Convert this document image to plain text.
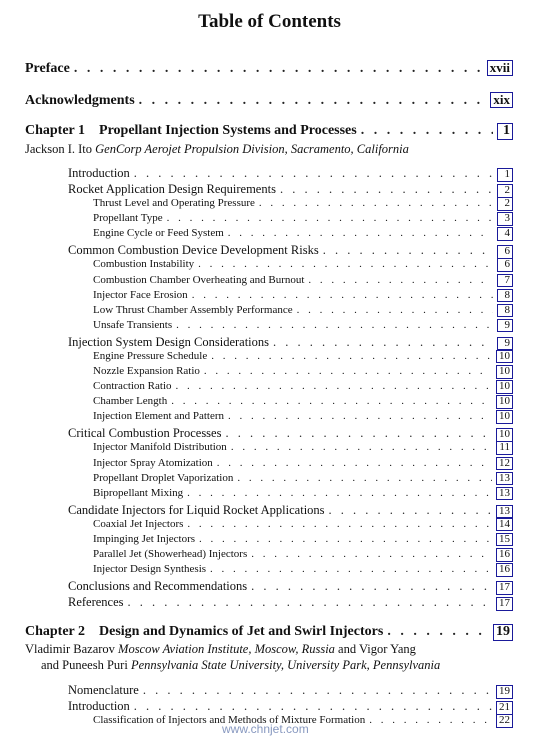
Table of Contents
Preface . . .	xvii
Acknowledgments . . .	xix
Chapter 1    Propellant Injection Systems and Processes . . .	1
Jackson I. Ito GenCorp Aerojet Propulsion Division, Sacramento, California
Introduction . . .	1
Rocket Application Design Requirements . . .	2
Thrust Level and Operating Pressure . . .	2
Propellant Type . . .	3
Engine Cycle or Feed System . . .	4
Common Combustion Device Development Risks . . .	6
Combustion Instability . . .	6
Combustion Chamber Overheating and Burnout . . .	7
Injector Face Erosion . . .	8
Low Thrust Chamber Assembly Performance . . .	8
Unsafe Transients . . .	9
Injection System Design Considerations . . .	9
Engine Pressure Schedule . . .	10
Nozzle Expansion Ratio . . .	10
Contraction Ratio . . .	10
Chamber Length . . .	10
Injection Element and Pattern . . .	10
Critical Combustion Processes . . .	10
Injector Manifold Distribution . . .	11
Injector Spray Atomization . . .	12
Propellant Droplet Vaporization . . .	13
Bipropellant Mixing . . .	13
Candidate Injectors for Liquid Rocket Applications . . .	13
Coaxial Jet Injectors . . .	14
Impinging Jet Injectors . . .	15
Parallel Jet (Showerhead) Injectors . . .	16
Injector Design Synthesis . . .	16
Conclusions and Recommendations . . .	17
References . . .	17
Chapter 2    Design and Dynamics of Jet and Swirl Injectors . . .	19
Vladimir Bazarov Moscow Aviation Institute, Moscow, Russia and Vigor Yang
and Puneesh Puri Pennsylvania State University, University Park, Pennsylvania
Nomenclature . . .	19
Introduction . . .	21
Classification of Injectors and Methods of Mixture Formation . . .	22
www.chnjet.com
